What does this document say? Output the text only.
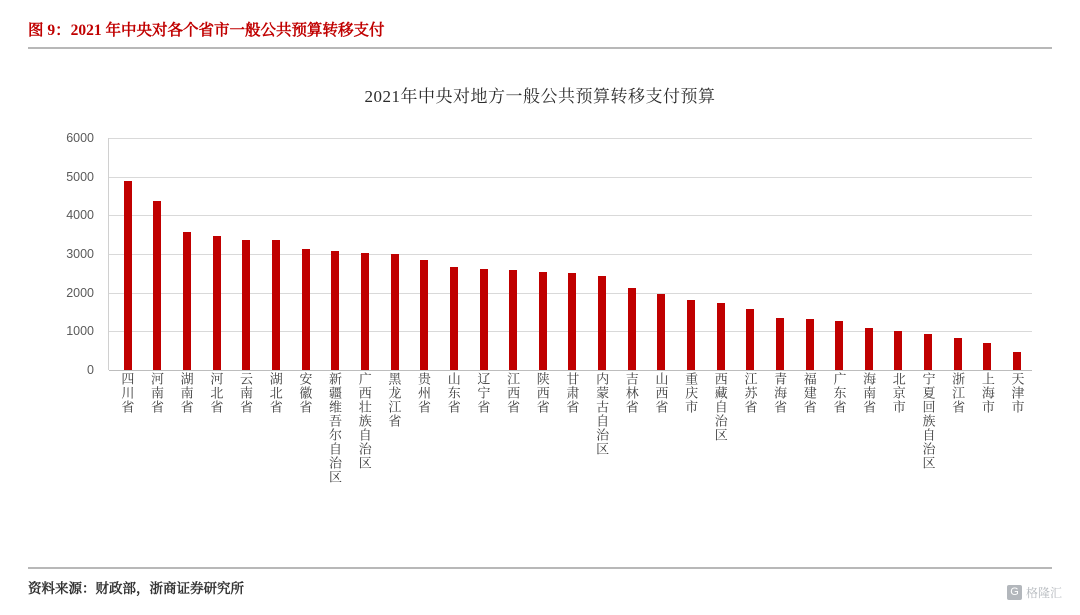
图 9：2021 年中央对各个省市一般公共预算转移支付
2021年中央对地方一般公共预算转移支付预算
0
1000
2000
3000
4000
5000
6000
四川省 河南省 湖南省 河北省 云南省 湖北省 安徽省 新疆维吾尔自治区 广西壮族自治区 黑龙江省 贵州省 山东省 辽宁省 江西省 陕西省 甘肃省 内蒙古自治区 吉林省 山西省 重庆市 西藏自治区 江苏省 青海省 福建省 广东省 海南省 北京市 宁夏回族自治区 浙江省 上海市 天津市
资料来源：财政部，浙商证券研究所	G 格隆汇
